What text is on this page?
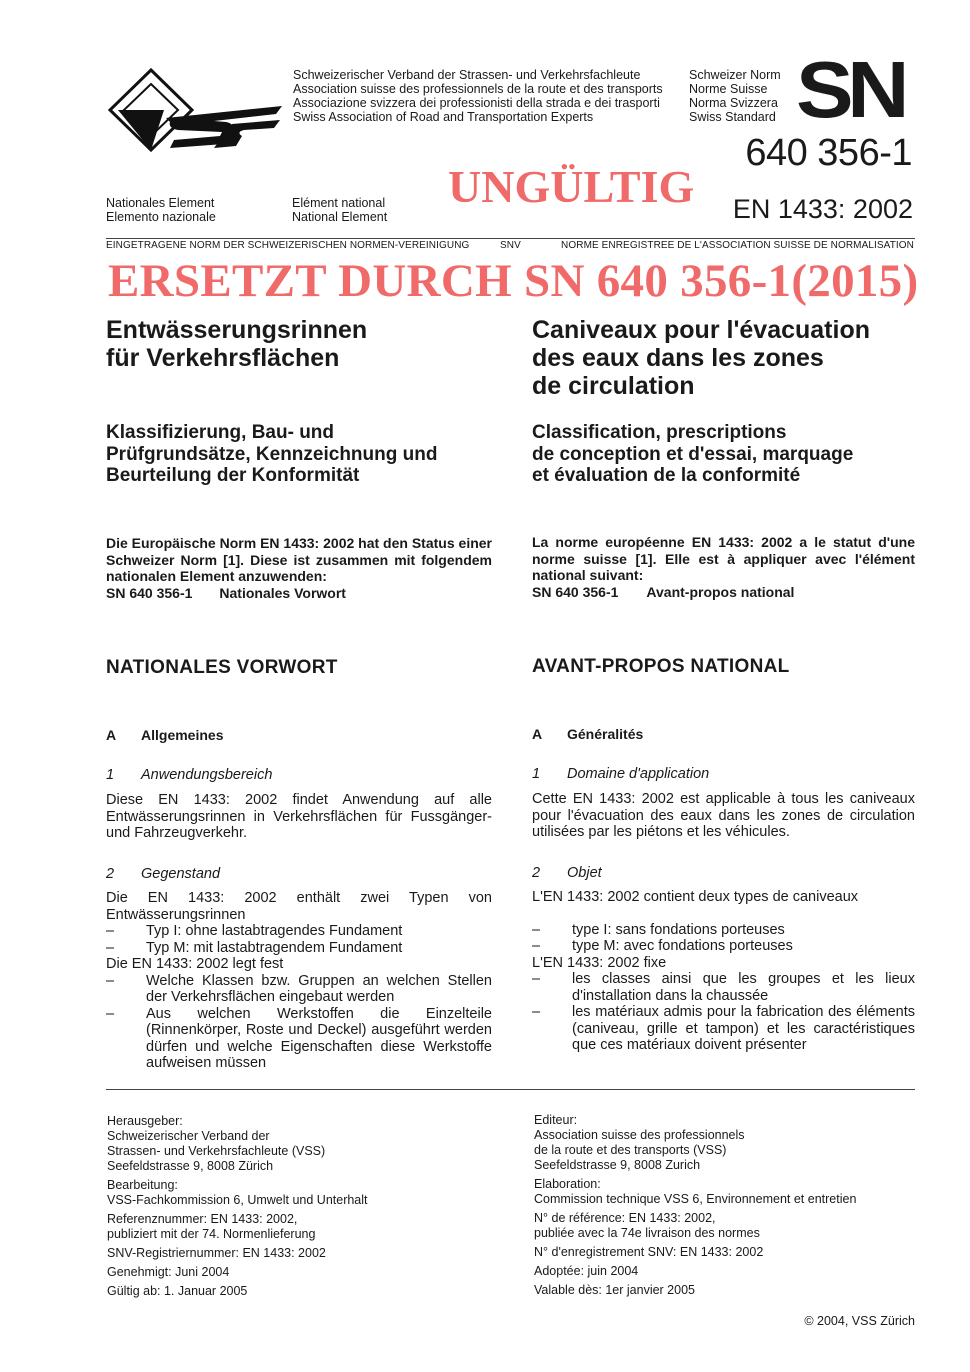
Schweizerischer Verband der Strassen- und Verkehrsfachleute
Association suisse des professionnels de la route et des transports
Associazione svizzera dei professionisti della strada e dei trasporti
Swiss Association of Road and Transportation Experts
Schweizer Norm
Norme Suisse
Norma Svizzera
Swiss Standard SN
640 356-1
Nationales Element
Elemento nazionale
Elément national
National Element
UNGÜLTIG EN 1433: 2002
EINGETRAGENE NORM DER SCHWEIZERISCHEN NORMEN-VEREINIGUNG	SNV	NORME ENREGISTREE DE L'ASSOCIATION SUISSE DE NORMALISATION
ERSETZT DURCH SN 640 356-1(2015)
Entwässerungsrinnen
für Verkehrsflächen
Klassifizierung, Bau- und
Prüfgrundsätze, Kennzeichnung und
Beurteilung der Konformität
Die Europäische Norm EN 1433: 2002 hat den Status einer Schweizer Norm [1]. Diese ist zusammen mit folgendem nationalen Element anzuwenden:
SN 640 356-1 Nationales Vorwort
NATIONALES VORWORT
A Allgemeines
1 Anwendungsbereich
Diese EN 1433: 2002 findet Anwendung auf alle Entwässerungsrinnen in Verkehrsflächen für Fussgänger- und Fahrzeugverkehr.
2 Gegenstand
Die EN 1433: 2002 enthält zwei Typen von Entwässerungsrinnen
– Typ I: ohne lastabtragendes Fundament
– Typ M: mit lastabtragendem Fundament
Die EN 1433: 2002 legt fest
– Welche Klassen bzw. Gruppen an welchen Stellen der Verkehrsflächen eingebaut werden
– Aus welchen Werkstoffen die Einzelteile (Rinnenkörper, Roste und Deckel) ausgeführt werden dürfen und welche Eigenschaften diese Werkstoffe aufweisen müssen
Caniveaux pour l'évacuation
des eaux dans les zones
de circulation
Classification, prescriptions
de conception et d'essai, marquage
et évaluation de la conformité
La norme européenne EN 1433: 2002 a le statut d'une norme suisse [1]. Elle est à appliquer avec l'élément national suivant:
SN 640 356-1 Avant-propos national
AVANT-PROPOS NATIONAL
A Généralités
1 Domaine d'application
Cette EN 1433: 2002 est applicable à tous les caniveaux pour l'évacuation des eaux dans les zones de circulation utilisées par les piétons et les véhicules.
2 Objet
L'EN 1433: 2002 contient deux types de caniveaux
– type I: sans fondations porteuses
– type M: avec fondations porteuses
L'EN 1433: 2002 fixe
– les classes ainsi que les groupes et les lieux d'installation dans la chaussée
– les matériaux admis pour la fabrication des éléments (caniveau, grille et tampon) et les caractéristiques que ces matériaux doivent présenter

Herausgeber:
Schweizerischer Verband der
Strassen- und Verkehrsfachleute (VSS)
Seefeldstrasse 9, 8008 Zürich

Bearbeitung:
VSS-Fachkommission 6, Umwelt und Unterhalt

Referenznummer: EN 1433: 2002,
publiziert mit der 74. Normenlieferung

SNV-Registriernummer: EN 1433: 2002

Genehmigt: Juni 2004

Gültig ab: 1. Januar 2005

Editeur:
Association suisse des professionnels
de la route et des transports (VSS)
Seefeldstrasse 9, 8008 Zurich

Elaboration:
Commission technique VSS 6, Environnement et entretien

N° de référence: EN 1433: 2002,
publiée avec la 74e livraison des normes

N° d'enregistrement SNV: EN 1433: 2002

Adoptée: juin 2004

Valable dès: 1er janvier 2005

© 2004, VSS Zürich
